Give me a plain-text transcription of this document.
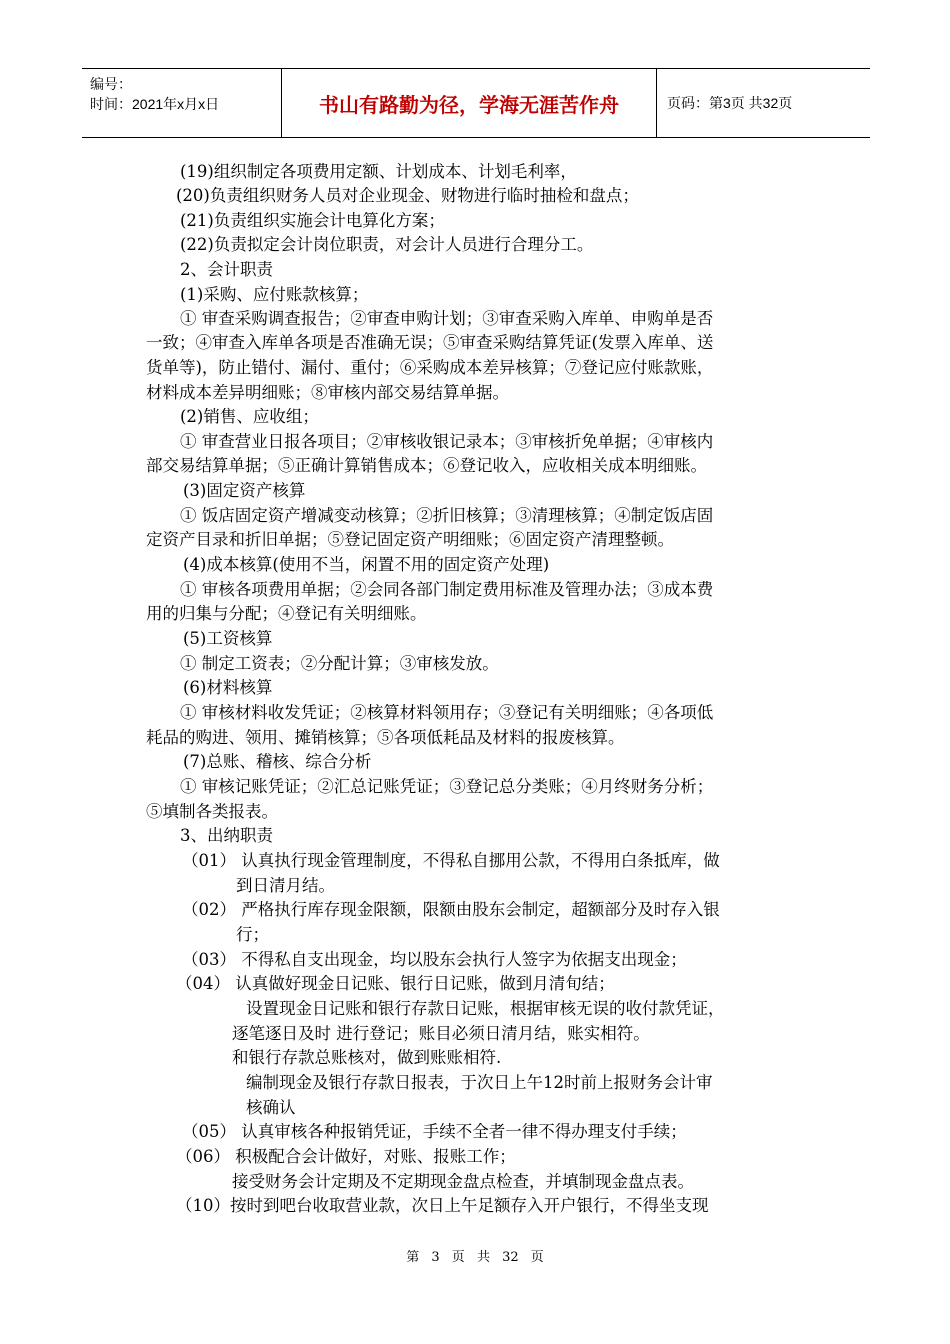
编号：
时间：2021年x月x日	书山有路勤为径，学海无涯苦作舟	页码：第3页 共32页
(19)组织制定各项费用定额、计划成本、计划毛利率，
(20)负责组织财务人员对企业现金、财物进行临时抽检和盘点；
(21)负责组织实施会计电算化方案；
(22)负责拟定会计岗位职责，对会计人员进行合理分工。
2、会计职责
(1)采购、应付账款核算；
① 审查采购调查报告；②审查申购计划；③审查采购入库单、申购单是否
一致；④审查入库单各项是否准确无误；⑤审查采购结算凭证(发票入库单、送
货单等)，防止错付、漏付、重付；⑥采购成本差异核算；⑦登记应付账款账，
材料成本差异明细账；⑧审核内部交易结算单据。
(2)销售、应收组；
① 审查营业日报各项目；②审核收银记录本；③审核折免单据；④审核内
部交易结算单据；⑤正确计算销售成本；⑥登记收入，应收相关成本明细账。
(3)固定资产核算
① 饭店固定资产增减变动核算；②折旧核算；③清理核算；④制定饭店固
定资产目录和折旧单据；⑤登记固定资产明细账；⑥固定资产清理整顿。
(4)成本核算(使用不当，闲置不用的固定资产处理)
① 审核各项费用单据；②会同各部门制定费用标准及管理办法；③成本费
用的归集与分配；④登记有关明细账。
(5)工资核算
① 制定工资表；②分配计算；③审核发放。
(6)材料核算
① 审核材料收发凭证；②核算材料领用存；③登记有关明细账；④各项低
耗品的购进、领用、摊销核算；⑤各项低耗品及材料的报废核算。
(7)总账、稽核、综合分析
① 审核记账凭证；②汇总记账凭证；③登记总分类账；④月终财务分析；
⑤填制各类报表。
3、出纳职责
（01） 认真执行现金管理制度，不得私自挪用公款，不得用白条抵库，做
到日清月结。
（02） 严格执行库存现金限额，限额由股东会制定，超额部分及时存入银
行；
（03） 不得私自支出现金，均以股东会执行人签字为依据支出现金；
（04） 认真做好现金日记账、银行日记账，做到月清旬结；
设置现金日记账和银行存款日记账，根据审核无误的收付款凭证，
逐笔逐日及时 进行登记；账目必须日清月结，账实相符。
和银行存款总账核对，做到账账相符.
编制现金及银行存款日报表，于次日上午12时前上报财务会计审
核确认
（05） 认真审核各种报销凭证，手续不全者一律不得办理支付手续；
（06） 积极配合会计做好，对账、报账工作；
接受财务会计定期及不定期现金盘点检查，并填制现金盘点表。
（10）按时到吧台收取营业款，次日上午足额存入开户银行，不得坐支现
第 3 页 共 32 页
